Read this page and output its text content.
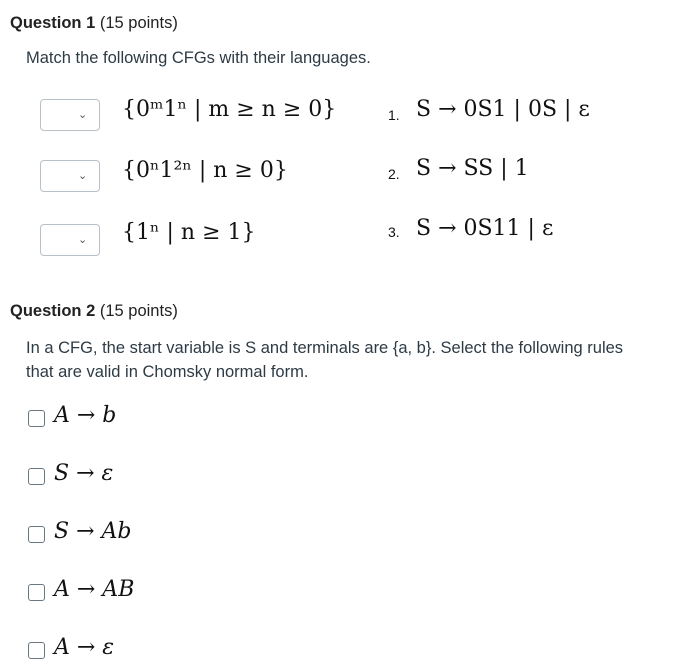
Question 1 (15 points)
Match the following CFGs with their languages.
⌄ {0ᵐ1ⁿ | m ≥ n ≥ 0}	1. S → 0S1 | 0S | ε
⌄ {0ⁿ1²ⁿ | n ≥ 0}	2. S → SS | 1
⌄ {1ⁿ | n ≥ 1}	3. S → 0S11 | ε
Question 2 (15 points)
In a CFG, the start variable is S and terminals are {a, b}. Select the following rules
that are valid in Chomsky normal form.
A → b
S → ε
S → Ab
A → AB
A → ε
